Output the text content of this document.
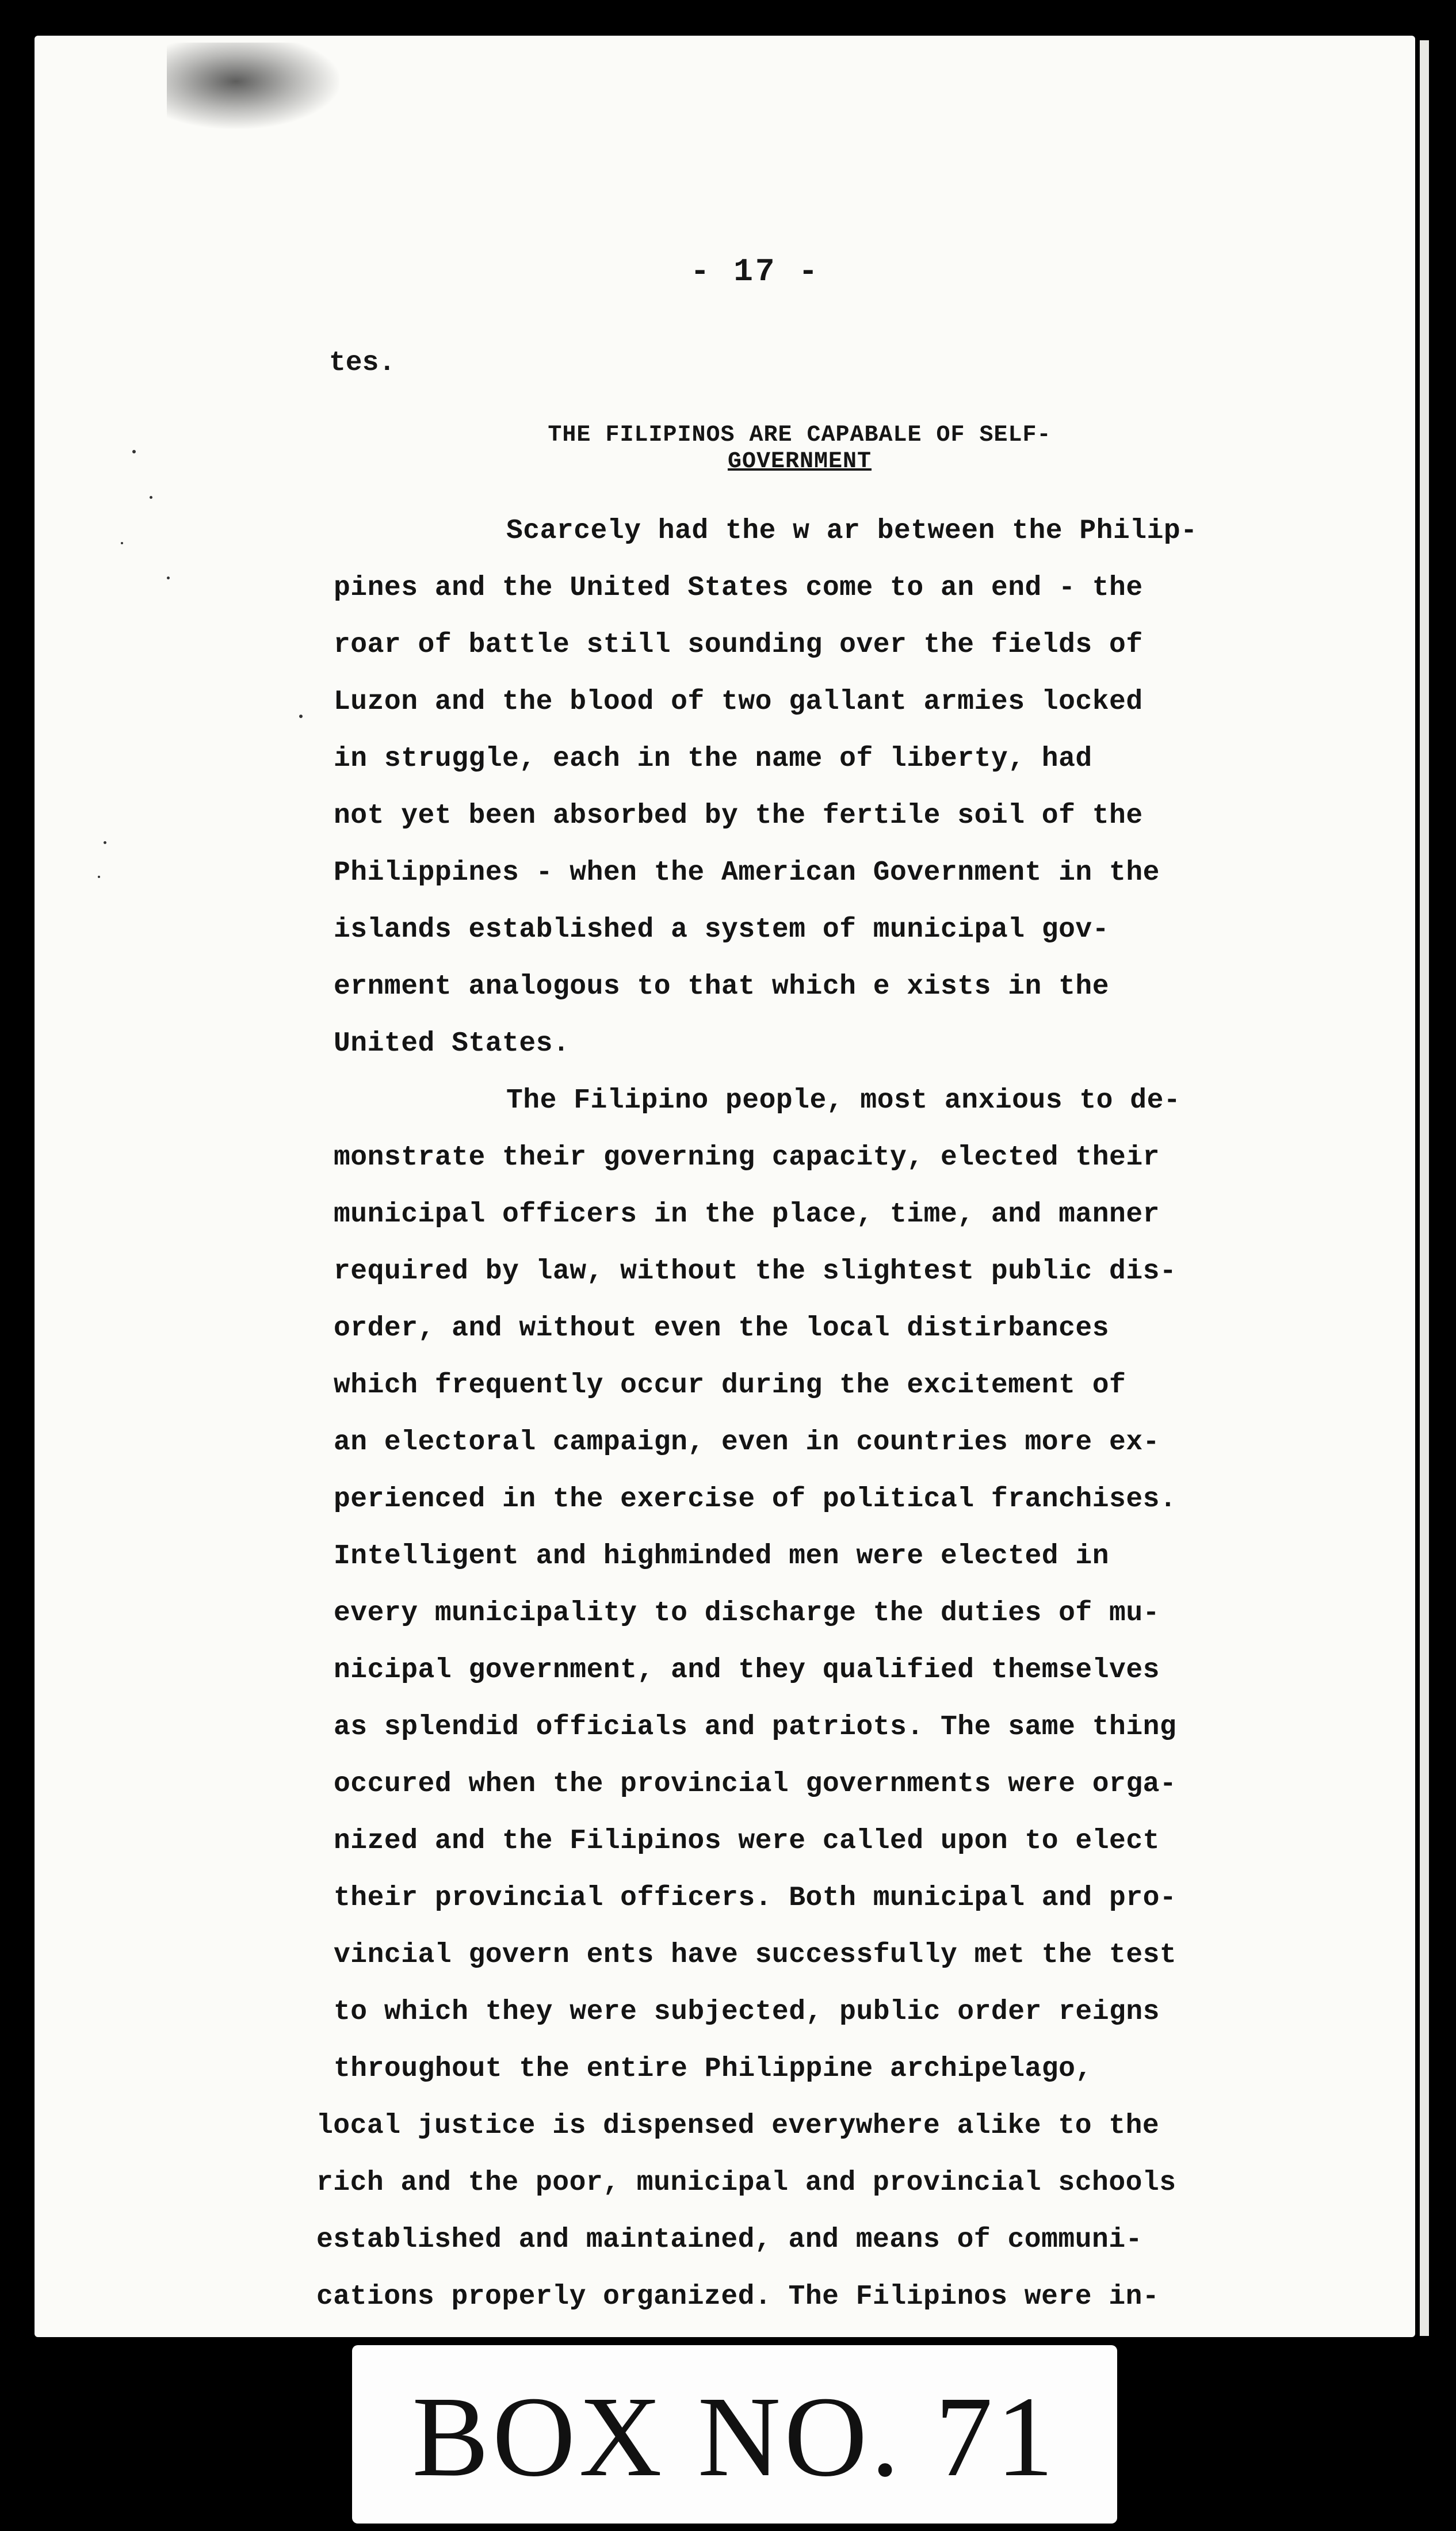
- 17 -
tes.
THE FILIPINOS ARE CAPABALE OF SELF-
GOVERNMENT
Scarcely had the w ar between the Philip-
pines and the United States come to an end - the
roar of battle still sounding over the fields of
Luzon and the blood of two gallant armies locked
in struggle, each in the name of liberty, had
not yet been absorbed by the fertile soil of the
Philippines - when the American Government in the
islands established a system of municipal gov-
ernment analogous to that which e xists in the
United States.
The Filipino people, most anxious to de-
monstrate their governing capacity, elected their
municipal officers in the place, time, and manner
required by law, without the slightest public dis-
order, and without even the local distirbances
which frequently occur during the excitement of
an electoral campaign, even in countries more ex-
perienced in the exercise of political franchises.
Intelligent and highminded men were elected in
every municipality to discharge the duties of mu-
nicipal government, and they qualified themselves
as splendid officials and patriots. The same thing
occured when the provincial governments were orga-
nized and the Filipinos were called upon to elect
their provincial officers. Both municipal and pro-
vincial govern ents have successfully met the test
to which they were subjected, public order reigns
throughout the entire Philippine archipelago,
local justice is dispensed everywhere alike to the
rich and the poor, municipal and provincial schools
established and maintained, and means of communi-
cations properly organized. The Filipinos were in-
BOX NO. 71
